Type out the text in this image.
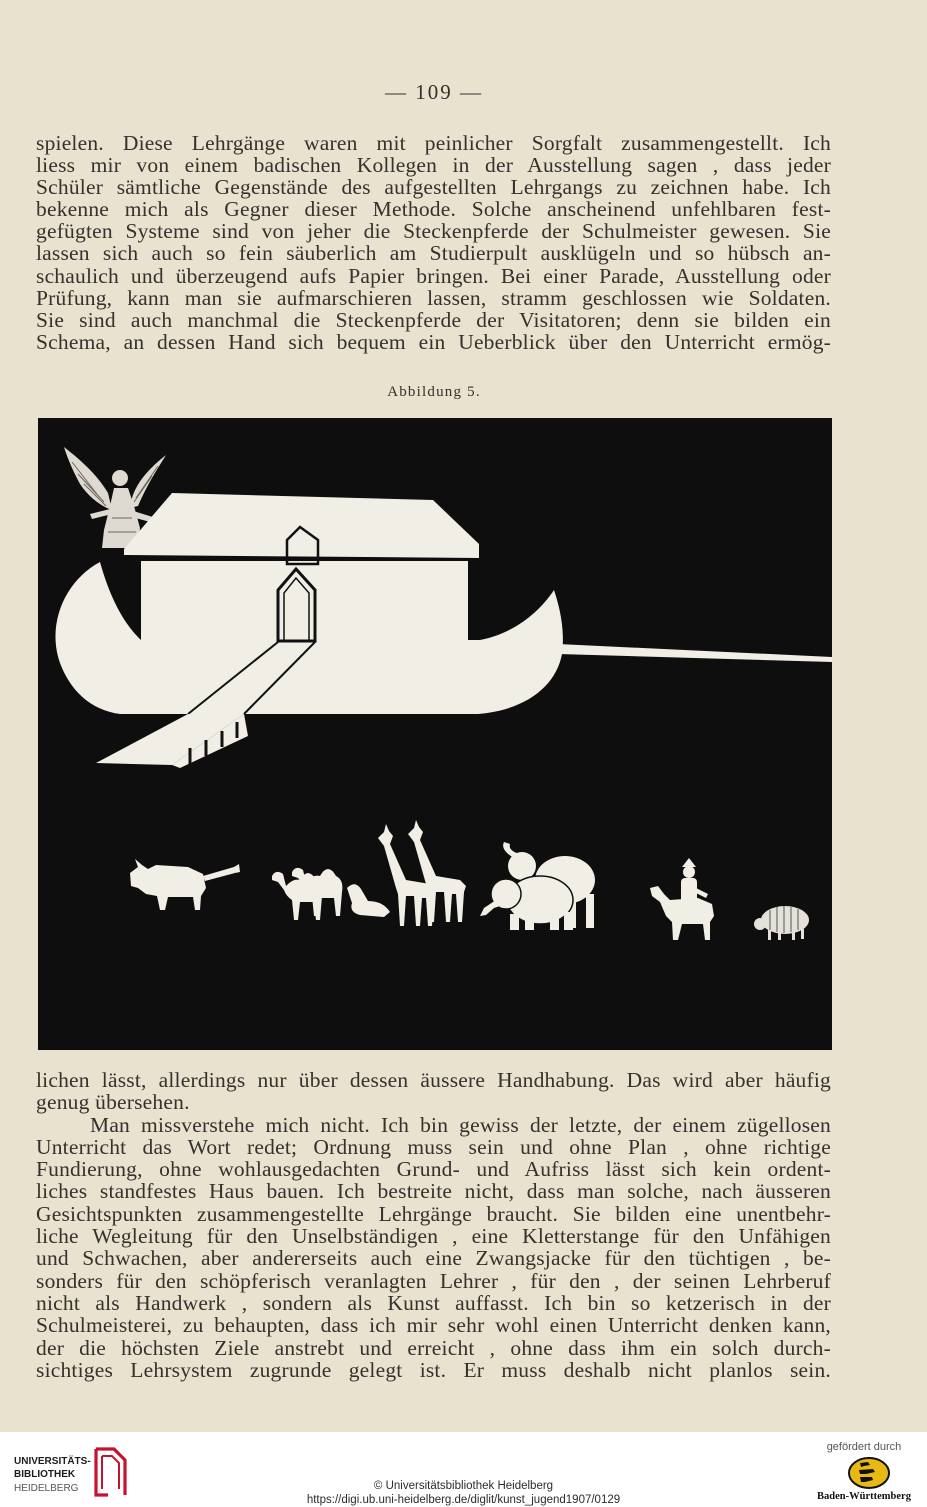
— 109 —
spielen. Diese Lehrgänge waren mit peinlicher Sorgfalt zusammengestellt. Ich
liess mir von einem badischen Kollegen in der Ausstellung sagen , dass jeder
Schüler sämtliche Gegenstände des aufgestellten Lehrgangs zu zeichnen habe. Ich
bekenne mich als Gegner dieser Methode. Solche anscheinend unfehlbaren fest-
gefügten Systeme sind von jeher die Steckenpferde der Schulmeister gewesen. Sie
lassen sich auch so fein säuberlich am Studierpult ausklügeln und so hübsch an-
schaulich und überzeugend aufs Papier bringen. Bei einer Parade, Ausstellung oder
Prüfung, kann man sie aufmarschieren lassen, stramm geschlossen wie Soldaten.
Sie sind auch manchmal die Steckenpferde der Visitatoren; denn sie bilden ein
Schema, an dessen Hand sich bequem ein Ueberblick über den Unterricht ermög-
Abbildung 5.
lichen lässt, allerdings nur über dessen äussere Handhabung. Das wird aber häufig
genug übersehen.
Man missverstehe mich nicht. Ich bin gewiss der letzte, der einem zügellosen
Unterricht das Wort redet; Ordnung muss sein und ohne Plan , ohne richtige
Fundierung, ohne wohlausgedachten Grund- und Aufriss lässt sich kein ordent-
liches standfestes Haus bauen. Ich bestreite nicht, dass man solche, nach äusseren
Gesichtspunkten zusammengestellte Lehrgänge braucht. Sie bilden eine unentbehr-
liche Wegleitung für den Unselbständigen , eine Kletterstange für den Unfähigen
und Schwachen, aber andererseits auch eine Zwangsjacke für den tüchtigen , be-
sonders für den schöpferisch veranlagten Lehrer , für den , der seinen Lehrberuf
nicht als Handwerk , sondern als Kunst auffasst. Ich bin so ketzerisch in der
Schulmeisterei, zu behaupten, dass ich mir sehr wohl einen Unterricht denken kann,
der die höchsten Ziele anstrebt und erreicht , ohne dass ihm ein solch durch-
sichtiges Lehrsystem zugrunde gelegt ist. Er muss deshalb nicht planlos sein.
UNIVERSITÄTS-
BIBLIOTHEK
HEIDELBERG	© Universitätsbibliothek Heidelberg
https://digi.ub.uni-heidelberg.de/diglit/kunst_jugend1907/0129
gefördert durch
Baden-Württemberg
